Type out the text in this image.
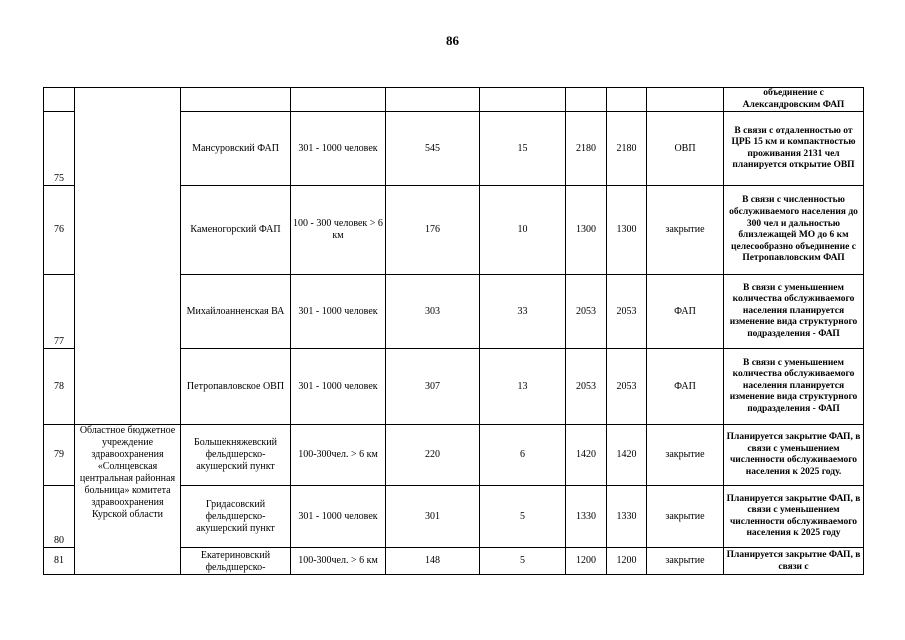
86
									объединение с Александровским ФАП
75		Мансуровский ФАП	301 - 1000 человек	545	15	2180	2180	ОВП	В связи с отдаленностью от ЦРБ 15 км и компактностью проживания 2131 чел планируется открытие ОВП
76		Каменогорский ФАП	100 - 300 человек > 6 км	176	10	1300	1300	закрытие	В связи с численностью обслуживаемого населения до 300 чел и дальностью близлежащей МО до 6 км целесообразно объединение с Петропавловским ФАП
77		Михайлоанненская ВА	301 - 1000 человек	303	33	2053	2053	ФАП	В связи с уменьшением количества обслуживаемого населения планируется изменение вида структурного подразделения - ФАП
78		Петропавловское ОВП	301 - 1000 человек	307	13	2053	2053	ФАП	В связи с уменьшением количества обслуживаемого населения планируется изменение вида структурного подразделения - ФАП
79	Областное бюджетное учреждение здравоохранения «Солнцевская центральная районная больница» комитета здравоохранения Курской области	Большекняжевский фельдшерско-акушерский пункт	100-300чел. > 6 км	220	6	1420	1420	закрытие	Планируется закрытие ФАП, в связи с уменьшением численности обслуживаемого населения к 2025 году.
80		Гридасовский фельдшерско-акушерский пункт	301 - 1000 человек	301	5	1330	1330	закрытие	Планируется закрытие ФАП, в связи с уменьшением численности обслуживаемого населения к 2025 году
81		Екатериновский фельдшерско-	100-300чел. > 6 км	148	5	1200	1200	закрытие	Планируется закрытие ФАП, в связи с
